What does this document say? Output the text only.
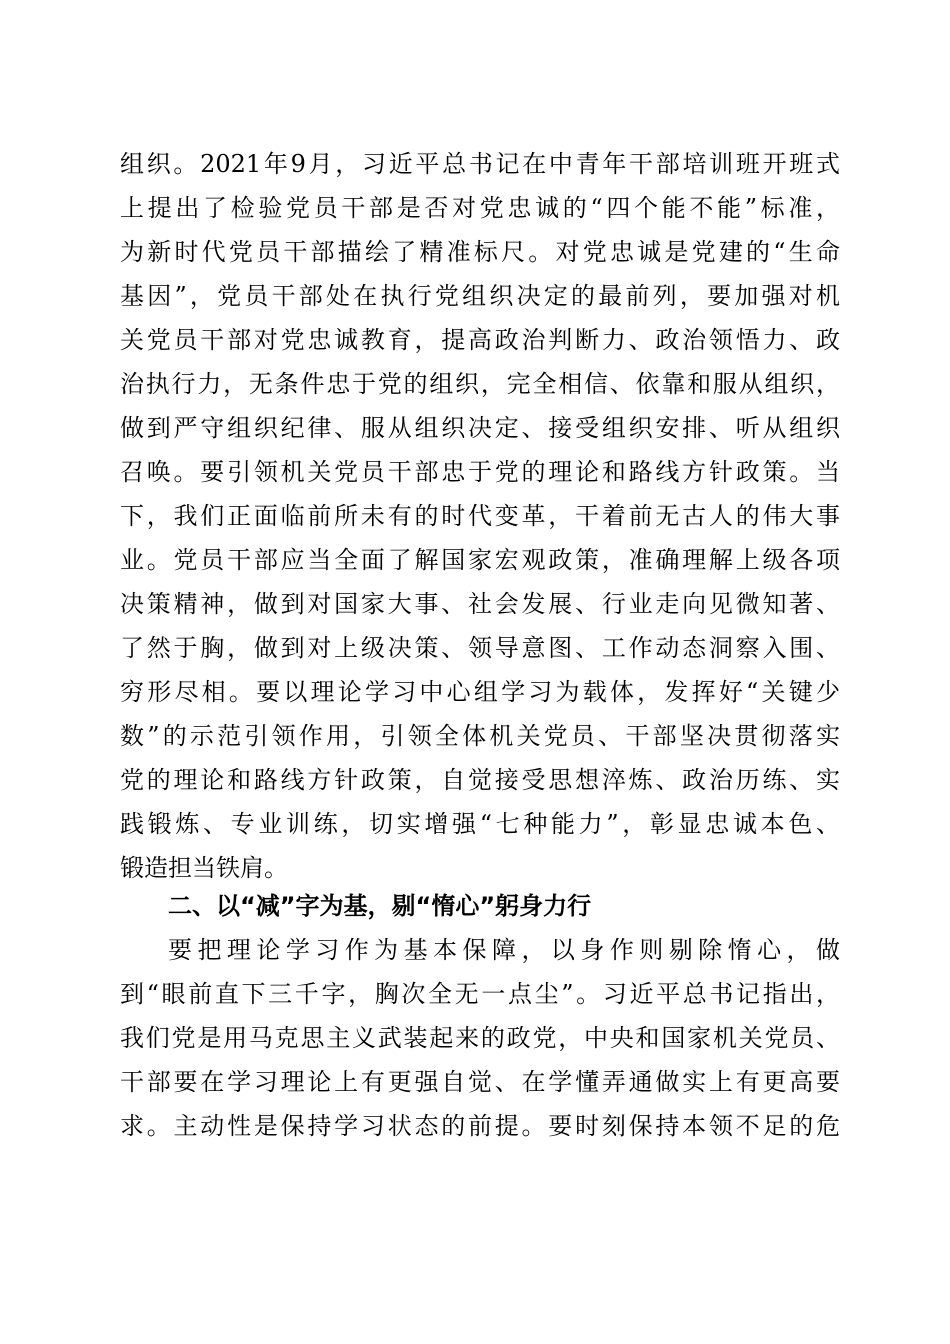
组织。2021年9月，习近平总书记在中青年干部培训班开班式
上提出了检验党员干部是否对党忠诚的“四个能不能”标准，
为新时代党员干部描绘了精准标尺。对党忠诚是党建的“生命
基因”，党员干部处在执行党组织决定的最前列，要加强对机
关党员干部对党忠诚教育，提高政治判断力、政治领悟力、政
治执行力，无条件忠于党的组织，完全相信、依靠和服从组织，
做到严守组织纪律、服从组织决定、接受组织安排、听从组织
召唤。要引领机关党员干部忠于党的理论和路线方针政策。当
下，我们正面临前所未有的时代变革，干着前无古人的伟大事
业。党员干部应当全面了解国家宏观政策，准确理解上级各项
决策精神，做到对国家大事、社会发展、行业走向见微知著、
了然于胸，做到对上级决策、领导意图、工作动态洞察入围、
穷形尽相。要以理论学习中心组学习为载体，发挥好“关键少
数”的示范引领作用，引领全体机关党员、干部坚决贯彻落实
党的理论和路线方针政策，自觉接受思想淬炼、政治历练、实
践锻炼、专业训练，切实增强“七种能力”，彰显忠诚本色、
锻造担当铁肩。
二、以“减”字为基，剔“惰心”躬身力行
要把理论学习作为基本保障，以身作则剔除惰心，做
到“眼前直下三千字，胸次全无一点尘”。习近平总书记指出，
我们党是用马克思主义武装起来的政党，中央和国家机关党员、
干部要在学习理论上有更强自觉、在学懂弄通做实上有更高要
求。主动性是保持学习状态的前提。要时刻保持本领不足的危
